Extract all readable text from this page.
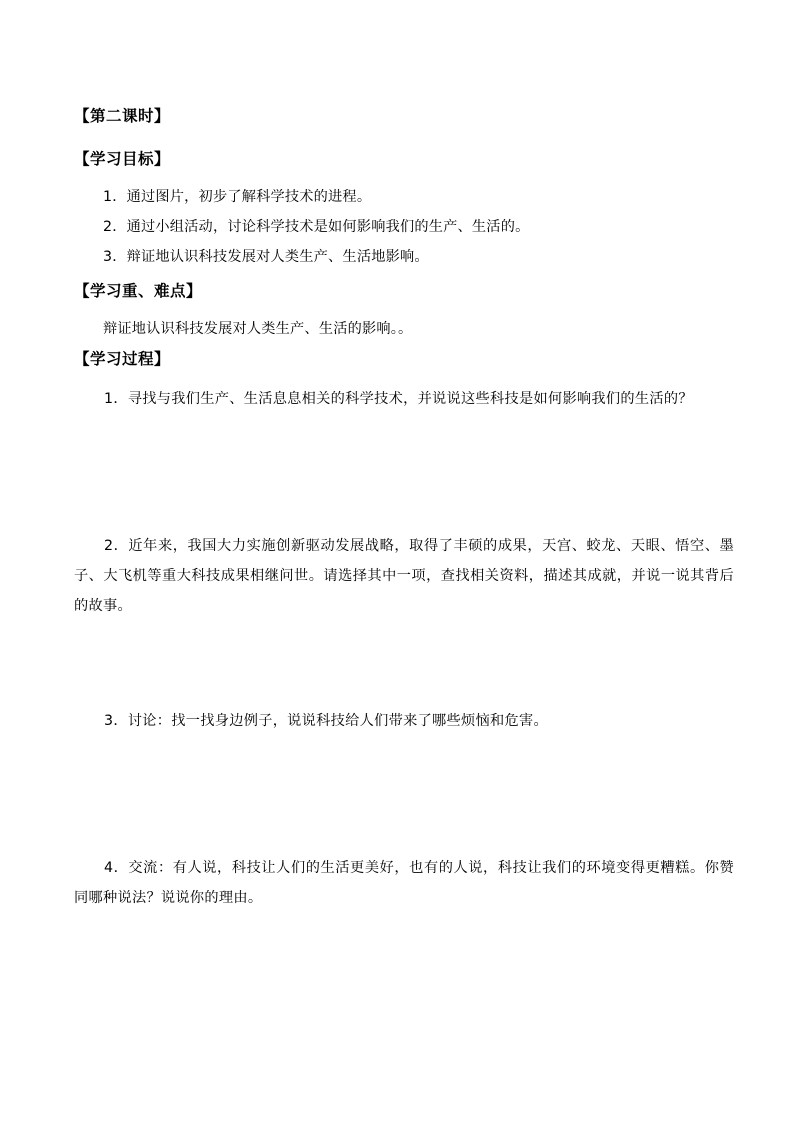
【第二课时】
【学习目标】
1．通过图片，初步了解科学技术的进程。
2．通过小组活动，讨论科学技术是如何影响我们的生产、生活的。
3．辩证地认识科技发展对人类生产、生活地影响。
【学习重、难点】
辩证地认识科技发展对人类生产、生活的影响。。
【学习过程】
1．寻找与我们生产、生活息息相关的科学技术，并说说这些科技是如何影响我们的生活的？
2．近年来，我国大力实施创新驱动发展战略，取得了丰硕的成果，天宫、蛟龙、天眼、悟空、墨子、大飞机等重大科技成果相继问世。请选择其中一项，查找相关资料，描述其成就，并说一说其背后的故事。
3．讨论：找一找身边例子，说说科技给人们带来了哪些烦恼和危害。
4．交流：有人说，科技让人们的生活更美好，也有的人说，科技让我们的环境变得更糟糕。你赞同哪种说法？说说你的理由。
